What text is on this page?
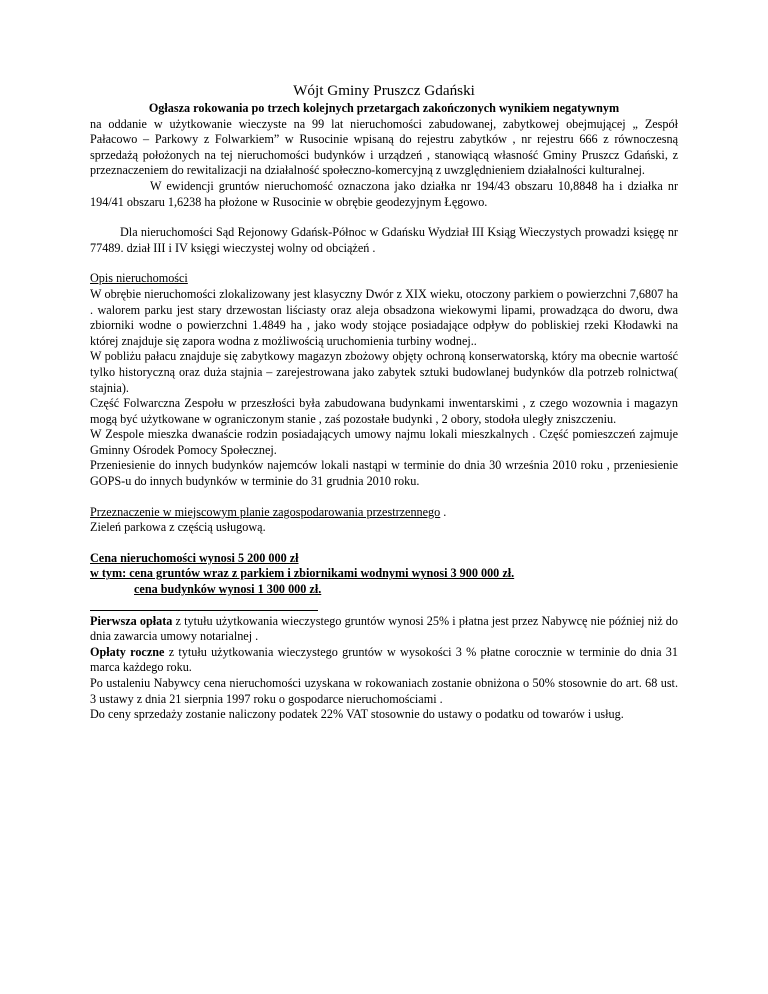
Wójt Gminy Pruszcz Gdański

Ogłasza rokowania po trzech kolejnych przetargach zakończonych wynikiem negatywnym

na oddanie w użytkowanie wieczyste na 99 lat nieruchomości zabudowanej, zabytkowej obejmującej „ Zespół Pałacowo – Parkowy z Folwarkiem” w Rusocinie wpisaną do rejestru zabytków , nr rejestru 666 z równoczesną sprzedażą położonych na tej nieruchomości budynków i urządzeń , stanowiącą własność Gminy Pruszcz Gdański, z przeznaczeniem do rewitalizacji na działalność społeczno-komercyjną z uwzględnieniem działalności kulturalnej.

W ewidencji gruntów nieruchomość oznaczona jako działka nr 194/43 obszaru 10,8848 ha i działka nr 194/41 obszaru 1,6238 ha płożone w Rusocinie w obrębie geodezyjnym Łęgowo.

Dla nieruchomości Sąd Rejonowy Gdańsk-Północ w Gdańsku Wydział III Ksiąg Wieczystych prowadzi księgę nr 77489. dział III i IV księgi wieczystej wolny od obciążeń .

Opis nieruchomości

W obrębie nieruchomości zlokalizowany jest klasyczny Dwór z XIX wieku, otoczony parkiem o powierzchni 7,6807 ha . walorem parku jest stary drzewostan liściasty oraz aleja obsadzona wiekowymi lipami, prowadząca do dworu, dwa zbiorniki wodne o powierzchni 1.4849 ha , jako wody stojące posiadające odpływ do pobliskiej rzeki Kłodawki na której znajduje się zapora wodna z możliwością uruchomienia turbiny wodnej..

W pobliżu pałacu znajduje się zabytkowy magazyn zbożowy objęty ochroną konserwatorską, który ma obecnie wartość tylko historyczną oraz duża stajnia – zarejestrowana jako zabytek sztuki budowlanej budynków dla potrzeb rolnictwa( stajnia).

Część Folwarczna Zespołu w przeszłości była zabudowana budynkami inwentarskimi , z czego wozownia i magazyn mogą być użytkowane w ograniczonym stanie , zaś pozostałe budynki , 2 obory, stodoła uległy zniszczeniu.

W Zespole mieszka dwanaście rodzin posiadających umowy najmu lokali mieszkalnych . Część pomieszczeń zajmuje Gminny Ośrodek Pomocy Społecznej.

Przeniesienie do innych budynków najemców lokali nastąpi w terminie do dnia 30 września 2010 roku , przeniesienie GOPS-u do innych budynków w terminie do 31 grudnia 2010 roku.

Przeznaczenie w miejscowym planie zagospodarowania przestrzennego .

Zieleń parkowa z częścią usługową.

Cena nieruchomości wynosi 5 200 000 zł

w tym: cena gruntów wraz z parkiem i zbiornikami wodnymi wynosi 3 900 000 zł.

cena budynków wynosi 1 300 000 zł.

Pierwsza opłata z tytułu użytkowania wieczystego gruntów wynosi 25% i płatna jest przez Nabywcę nie później niż do dnia zawarcia umowy notarialnej .

Opłaty roczne z tytułu użytkowania wieczystego gruntów w wysokości 3 % płatne corocznie w terminie do dnia 31 marca każdego roku.

Po ustaleniu Nabywcy cena nieruchomości uzyskana w rokowaniach zostanie obniżona o 50% stosownie do art. 68 ust. 3 ustawy z dnia 21 sierpnia 1997 roku o gospodarce nieruchomościami .

Do ceny sprzedaży zostanie naliczony podatek 22% VAT stosownie do ustawy o podatku od towarów i usług.
